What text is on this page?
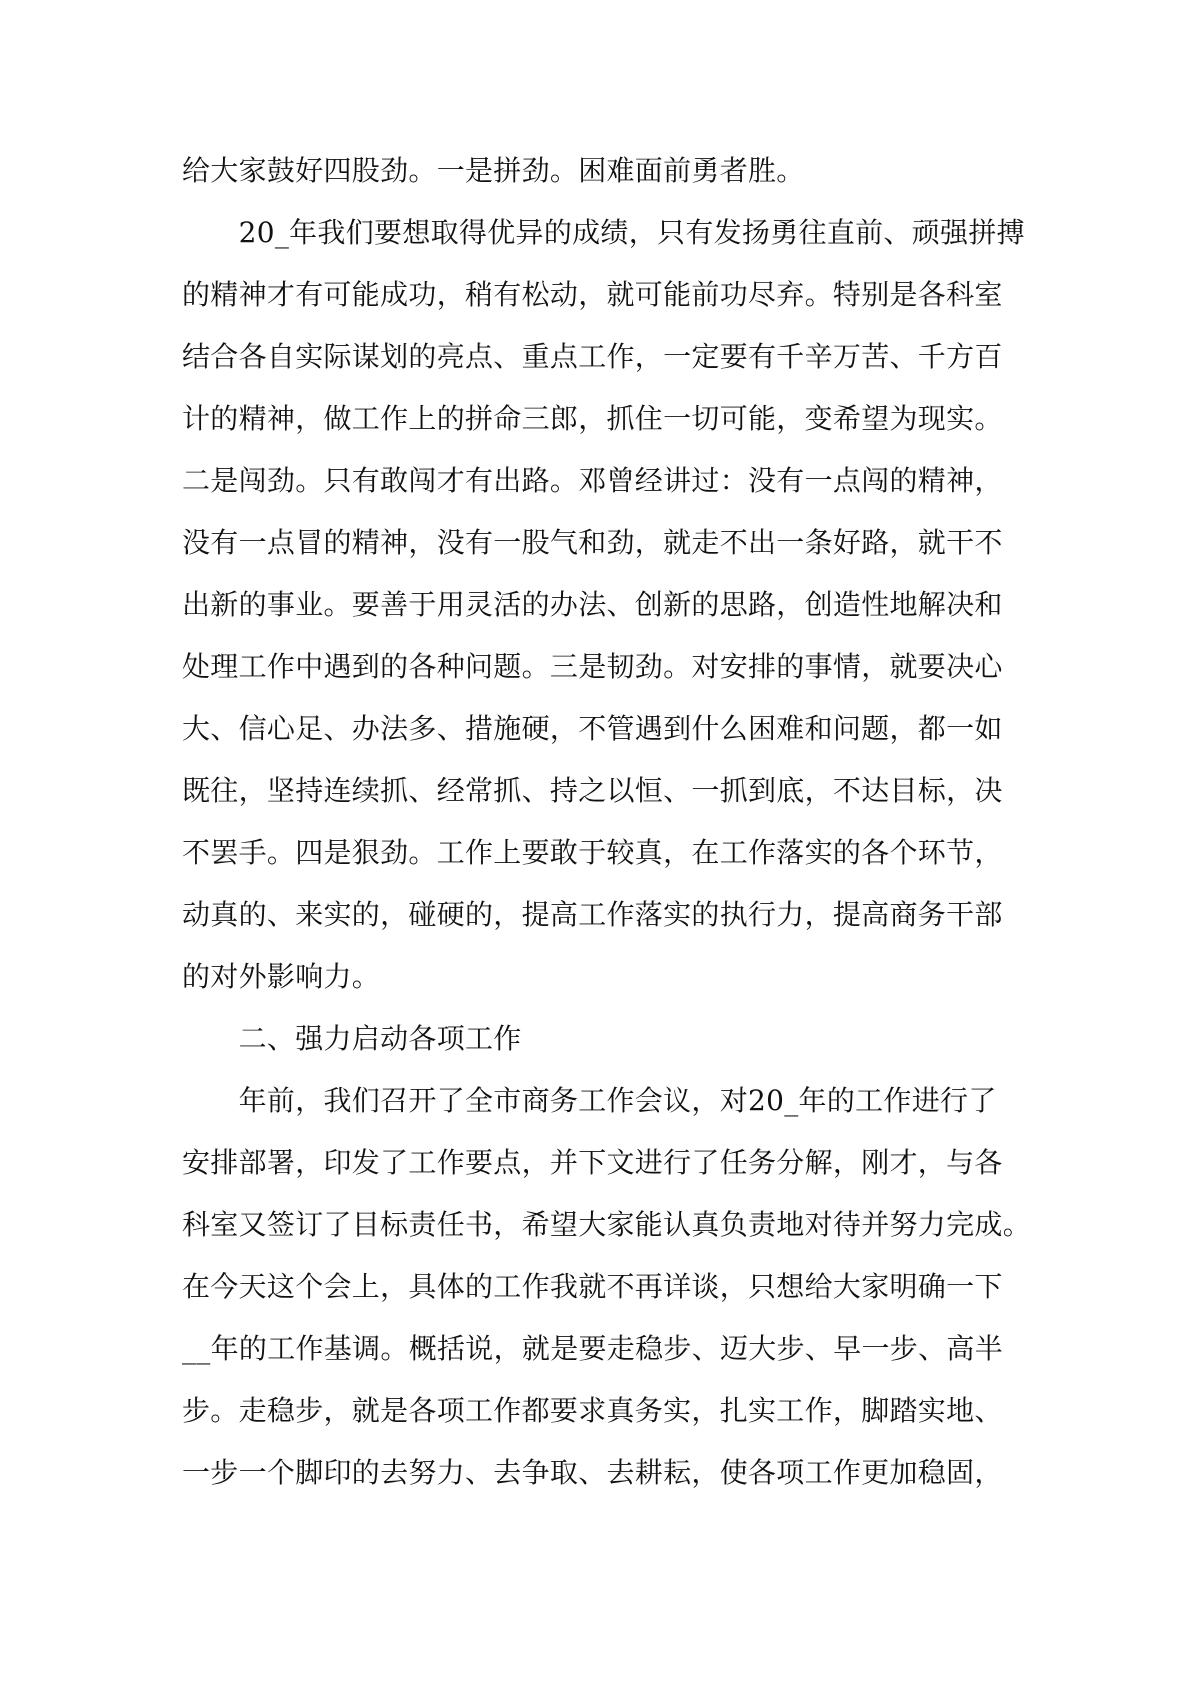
给大家鼓好四股劲。一是拼劲。困难面前勇者胜。
　　20_年我们要想取得优异的成绩，只有发扬勇往直前、顽强拼搏
的精神才有可能成功，稍有松动，就可能前功尽弃。特别是各科室
结合各自实际谋划的亮点、重点工作，一定要有千辛万苦、千方百
计的精神，做工作上的拼命三郎，抓住一切可能，变希望为现实。
二是闯劲。只有敢闯才有出路。邓曾经讲过：没有一点闯的精神，
没有一点冒的精神，没有一股气和劲，就走不出一条好路，就干不
出新的事业。要善于用灵活的办法、创新的思路，创造性地解决和
处理工作中遇到的各种问题。三是韧劲。对安排的事情，就要决心
大、信心足、办法多、措施硬，不管遇到什么困难和问题，都一如
既往，坚持连续抓、经常抓、持之以恒、一抓到底，不达目标，决
不罢手。四是狠劲。工作上要敢于较真，在工作落实的各个环节，
动真的、来实的，碰硬的，提高工作落实的执行力，提高商务干部
的对外影响力。
　　二、强力启动各项工作
　　年前，我们召开了全市商务工作会议，对20_年的工作进行了
安排部署，印发了工作要点，并下文进行了任务分解，刚才，与各
科室又签订了目标责任书，希望大家能认真负责地对待并努力完成。
在今天这个会上，具体的工作我就不再详谈，只想给大家明确一下
__年的工作基调。概括说，就是要走稳步、迈大步、早一步、高半
步。走稳步，就是各项工作都要求真务实，扎实工作，脚踏实地、
一步一个脚印的去努力、去争取、去耕耘，使各项工作更加稳固，
